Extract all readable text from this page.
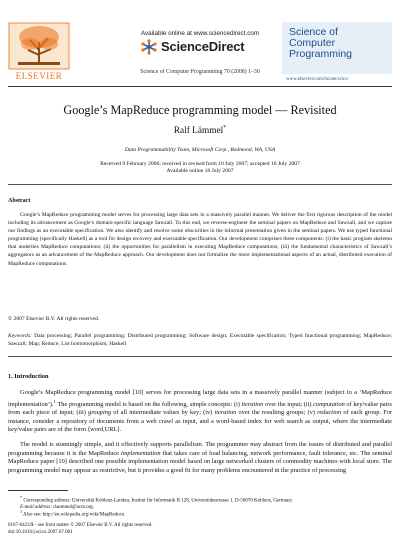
ELSEVIER
Available online at www.sciencedirect.com
ScienceDirect
Science of Computer Programming 70 (2008) 1–30
Science of
Computer
Programming
www.elsevier.com/locate/scico
Google’s MapReduce programming model — Revisited
Ralf Lämmel*
Data Programmability Team, Microsoft Corp., Redmond, WA, USA
Received 9 February 2006; received in revised form 10 July 2007; accepted 10 July 2007
Available online 18 July 2007
Abstract

Google’s MapReduce programming model serves for processing large data sets in a massively parallel manner. We deliver the first rigorous description of the model including its advancement as Google’s domain-specific language Sawzall. To this end, we reverse-engineer the seminal papers on MapReduce and Sawzall, and we capture our findings as an executable specification. We also identify and resolve some obscurities in the informal presentation given in the seminal papers. We use typed functional programming (specifically Haskell) as a tool for design recovery and executable specification. Our development comprises three components: (i) the basic program skeleton that underlies MapReduce computations; (ii) the opportunities for parallelism in executing MapReduce computations; (iii) the fundamental characteristics of Sawzall’s aggregators as an advancement of the MapReduce approach. Our development does not formalize the more implementational aspects of an actual, distributed execution of MapReduce computations.

© 2007 Elsevier B.V. All rights reserved.

Keywords: Data processing; Parallel programming; Distributed programming; Software design; Executable specification; Typed functional programming; MapReduce; Sawzall; Map; Reduce; List homomorphism; Haskell

1. Introduction

Google’s MapReduce programming model [10] serves for processing large data sets in a massively parallel manner (subject to a ‘MapReduce implementation’).$^1$ The programming model is based on the following, simple concepts: (i) iteration over the input; (ii) computation of key/value pairs from each piece of input; (iii) grouping of all intermediate values by key; (iv) iteration over the resulting groups; (v) reduction of each group. For instance, consider a repository of documents from a web crawl as input, and a word-based index for web search as output, where the intermediate key/value pairs are of the form ⟨word,URL⟩.

The model is stunningly simple, and it effectively supports parallelism. The programmer may abstract from the issues of distributed and parallel programming because it is the MapReduce implementation that takes care of load balancing, network performance, fault tolerance, etc. The seminal MapReduce paper [10] described one possible implementation model based on large networked clusters of commodity machines with local store. The programming model may appear as restrictive, but it provides a good fit for many problems encountered in the practice of processing

* Corresponding address: Universität Koblenz-Landau, Institut für Informatik B 128, Universitätsstrasse 1, D-56070 Koblenz, Germany.
E-mail address: rlaemmel@acm.org.
$^1$ Also see: http://en.wikipedia.org/wiki/MapReduce.
0167-6423/$ - see front matter © 2007 Elsevier B.V. All rights reserved.
doi:10.1016/j.scico.2007.07.001
